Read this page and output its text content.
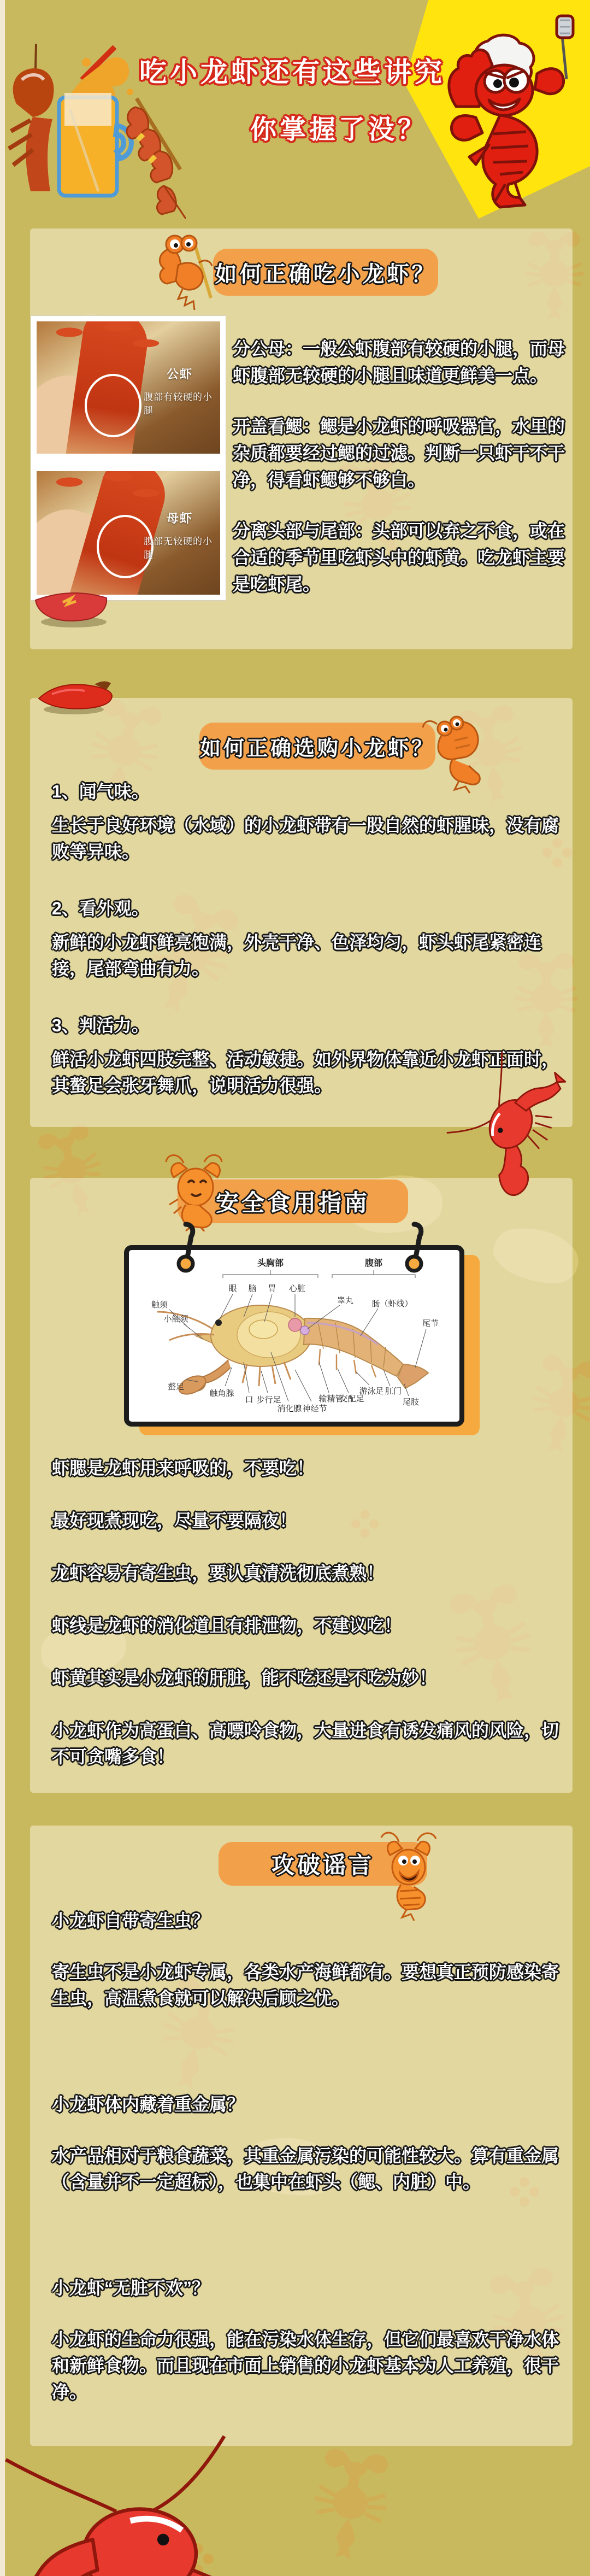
吃小龙虾还有这些讲究
你掌握了没？
如何正确吃小龙虾？
公虾
腹部有较硬的小腿
母虾
腹部无较硬的小腿

分公母：一般公虾腹部有较硬的小腿，而母虾腹部无较硬的小腿且味道更鲜美一点。

开盖看鳃：鳃是小龙虾的呼吸器官，水里的杂质都要经过鳃的过滤。判断一只虾干不干净，得看虾鳃够不够白。

分离头部与尾部：头部可以弃之不食，或在合适的季节里吃虾头中的虾黄。吃龙虾主要是吃虾尾。

如何正确选购小龙虾？
1、闻气味。
生长于良好环境（水域）的小龙虾带有一股自然的虾腥味，没有腐败等异味。
2、看外观。
新鲜的小龙虾鲜亮饱满，外壳干净、色泽均匀，虾头虾尾紧密连接，尾部弯曲有力。
3、判活力。
鲜活小龙虾四肢完整、活动敏捷。如外界物体靠近小龙虾正面时，其螯足会张牙舞爪，说明活力很强。
安全食用指南
头胸部	腹部
触须
小触须
眼 脑 胃 心脏
睾丸 肠（虾线）
尾节
螯足
触角腺
口 步行足
消化腺 神经节
输精管
交配足
游泳足 肛门
尾肢
虾腮是龙虾用来呼吸的，不要吃！
最好现煮现吃，尽量不要隔夜！
龙虾容易有寄生虫，要认真清洗彻底煮熟！
虾线是龙虾的消化道且有排泄物，不建议吃！
虾黄其实是小龙虾的肝脏，能不吃还是不吃为妙！
小龙虾作为高蛋白、高嘌呤食物，大量进食有诱发痛风的风险，切不可贪嘴多食！
攻破谣言
小龙虾自带寄生虫？
寄生虫不是小龙虾专属，各类水产海鲜都有。要想真正预防感染寄生虫，高温煮食就可以解决后顾之忧。
小龙虾体内藏着重金属？
水产品相对于粮食蔬菜，其重金属污染的可能性较大。算有重金属（含量并不一定超标），也集中在虾头（鳃、内脏）中。
小龙虾“无脏不欢”？
小龙虾的生命力很强，能在污染水体生存，但它们最喜欢干净水体和新鲜食物。而且现在市面上销售的小龙虾基本为人工养殖，很干净。
